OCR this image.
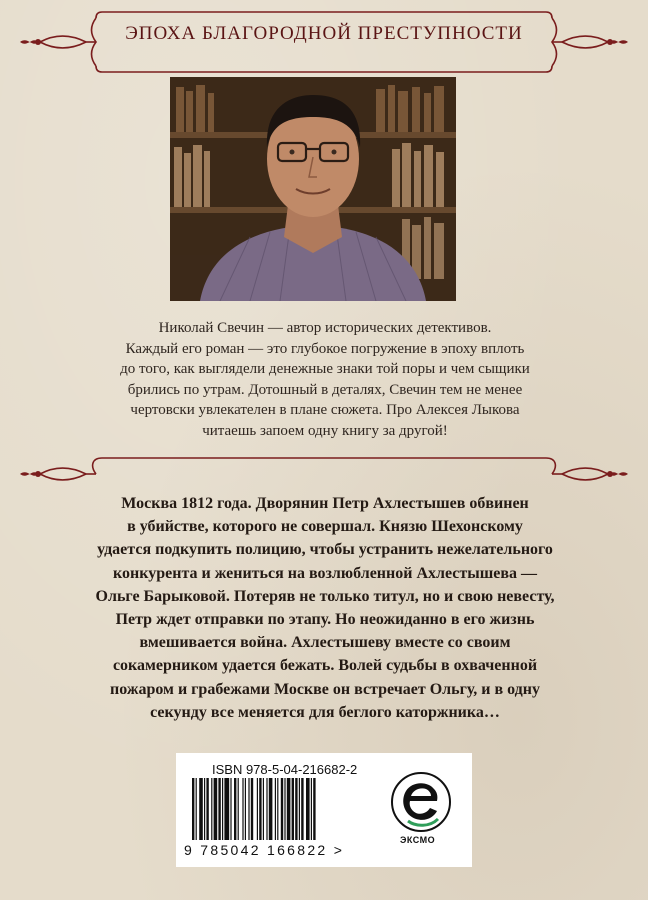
ЭПОХА БЛАГОРОДНОЙ ПРЕСТУПНОСТИ
Николай Свечин — автор исторических детективов.
Каждый его роман — это глубокое погружение в эпоху вплоть
до того, как выглядели денежные знаки той поры и чем сыщики
брились по утрам. Дотошный в деталях, Свечин тем не менее
чертовски увлекателен в плане сюжета. Про Алексея Лыкова
читаешь запоем одну книгу за другой!
Москва 1812 года. Дворянин Петр Ахлестышев обвинен
в убийстве, которого не совершал. Князю Шехонскому
удается подкупить полицию, чтобы устранить нежелательного
конкурента и жениться на возлюбленной Ахлестышева —
Ольге Барыковой. Потеряв не только титул, но и свою невесту,
Петр ждет отправки по этапу. Но неожиданно в его жизнь
вмешивается война. Ахлестышеву вместе со своим
сокамерником удается бежать. Волей судьбы в охваченной
пожаром и грабежами Москве он встречает Ольгу, и в одну
секунду все меняется для беглого каторжника…
ISBN 978-5-04-216682-2
9 785042 166822 >
ЭКСМО
